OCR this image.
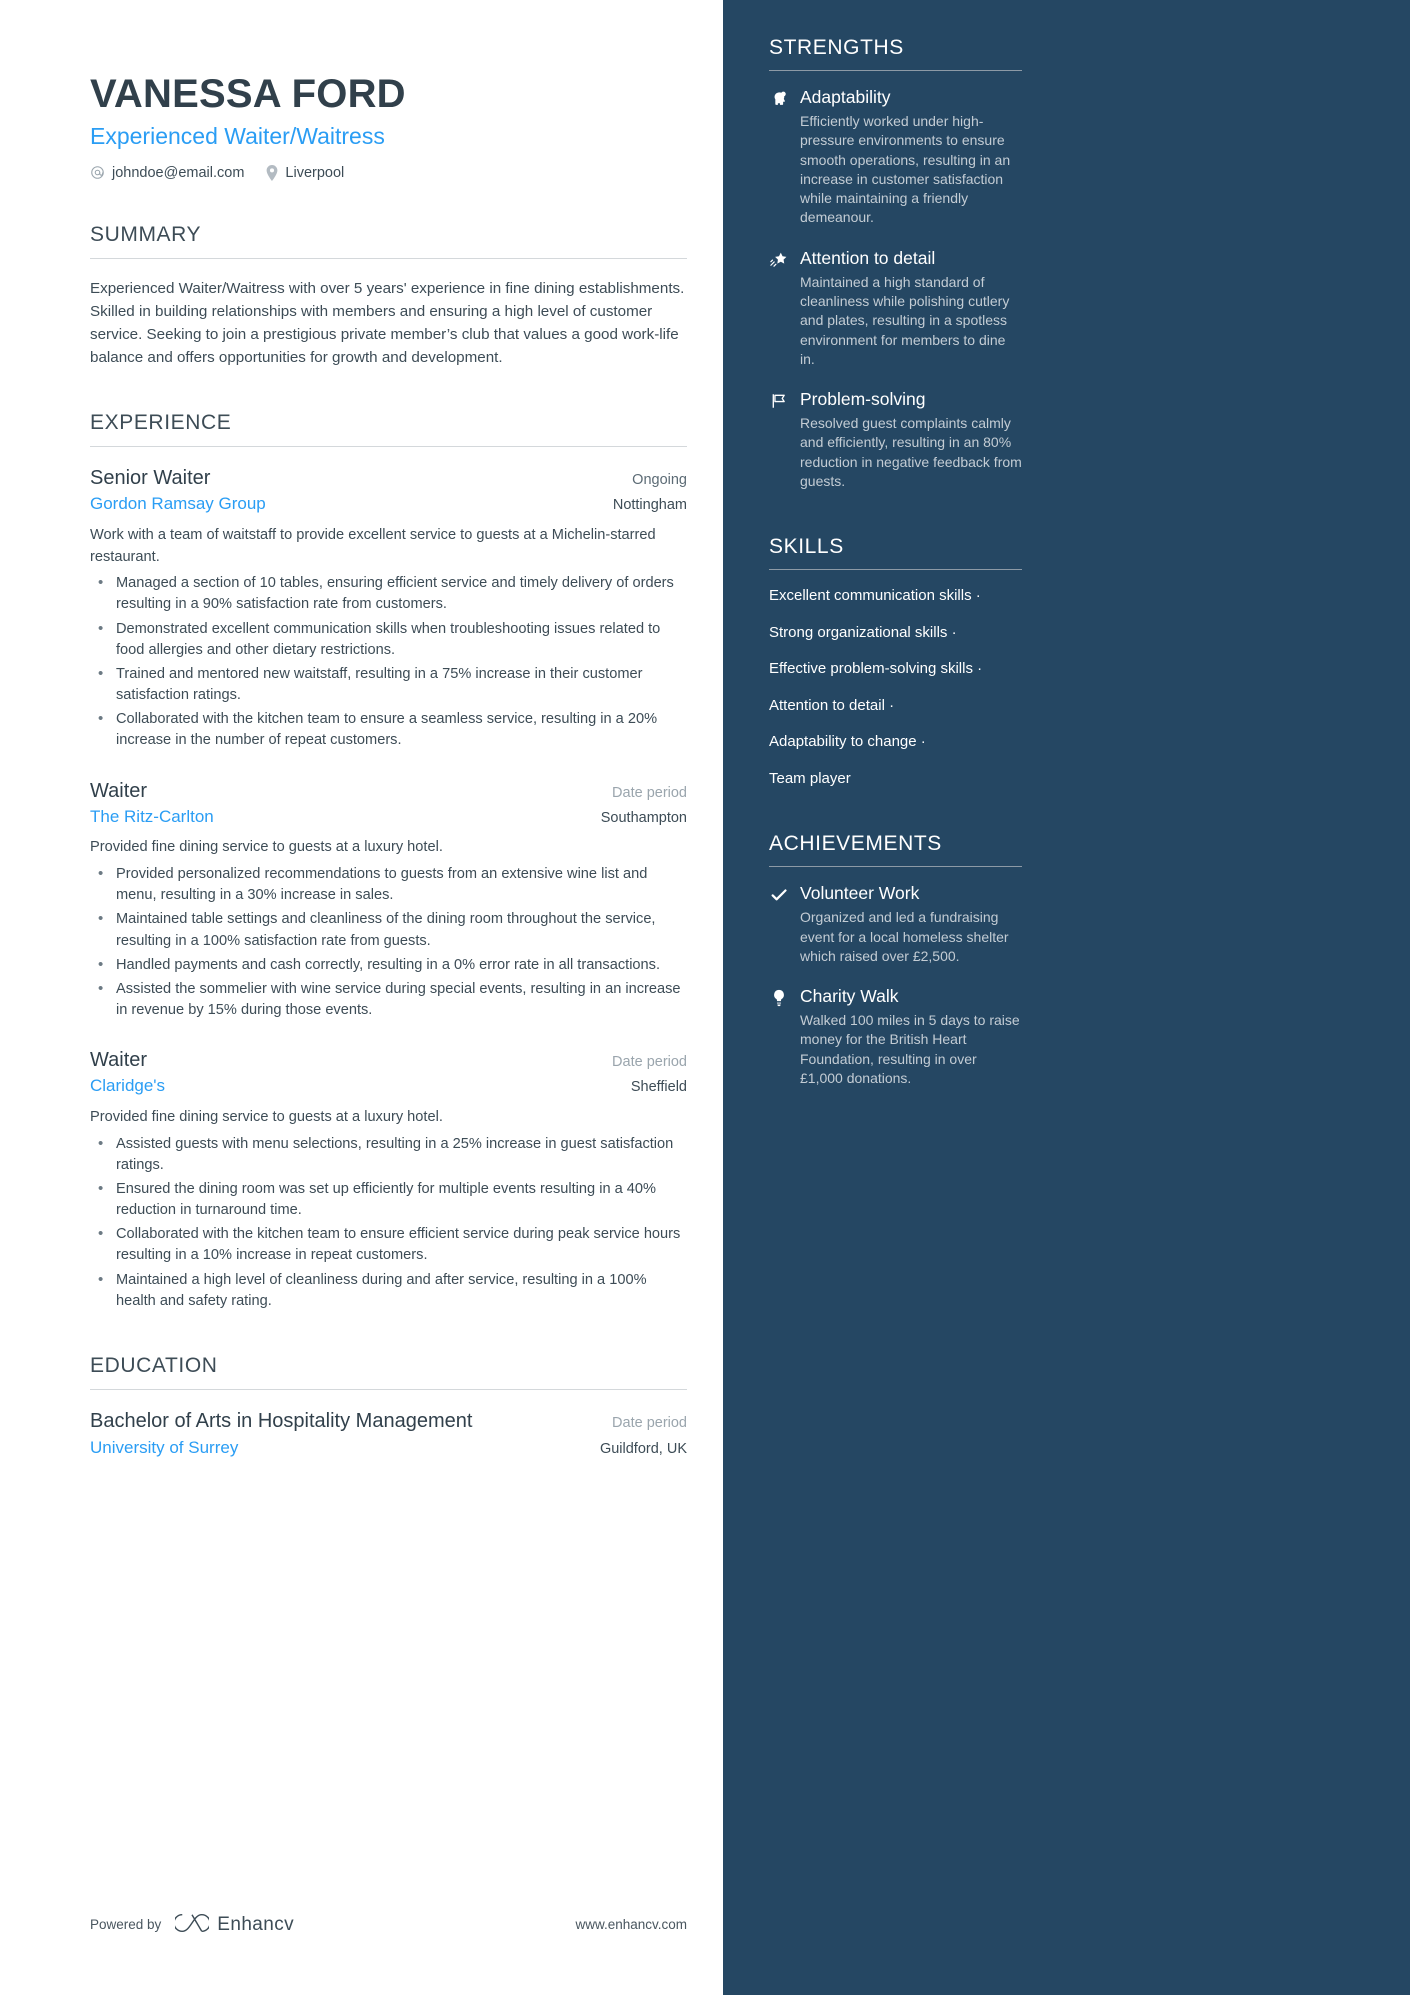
VANESSA FORD
Experienced Waiter/Waitress
johndoe@email.com	Liverpool
SUMMARY

Experienced Waiter/Waitress with over 5 years' experience in fine dining establishments. Skilled in building relationships with members and ensuring a high level of customer service. Seeking to join a prestigious private member’s club that values a good work-life balance and offers opportunities for growth and development.

EXPERIENCE
Senior Waiter	Ongoing
Gordon Ramsay Group	Nottingham
Work with a team of waitstaff to provide excellent service to guests at a Michelin-starred restaurant.
• Managed a section of 10 tables, ensuring efficient service and timely delivery of orders resulting in a 90% satisfaction rate from customers.
• Demonstrated excellent communication skills when troubleshooting issues related to food allergies and other dietary restrictions.
• Trained and mentored new waitstaff, resulting in a 75% increase in their customer satisfaction ratings.
• Collaborated with the kitchen team to ensure a seamless service, resulting in a 20% increase in the number of repeat customers.
Waiter	Date period
The Ritz-Carlton	Southampton
Provided fine dining service to guests at a luxury hotel.
• Provided personalized recommendations to guests from an extensive wine list and menu, resulting in a 30% increase in sales.
• Maintained table settings and cleanliness of the dining room throughout the service, resulting in a 100% satisfaction rate from guests.
• Handled payments and cash correctly, resulting in a 0% error rate in all transactions.
• Assisted the sommelier with wine service during special events, resulting in an increase in revenue by 15% during those events.
Waiter	Date period
Claridge's	Sheffield
Provided fine dining service to guests at a luxury hotel.
• Assisted guests with menu selections, resulting in a 25% increase in guest satisfaction ratings.
• Ensured the dining room was set up efficiently for multiple events resulting in a 40% reduction in turnaround time.
• Collaborated with the kitchen team to ensure efficient service during peak service hours resulting in a 10% increase in repeat customers.
• Maintained a high level of cleanliness during and after service, resulting in a 100% health and safety rating.
EDUCATION
Bachelor of Arts in Hospitality Management	Date period
University of Surrey	Guildford, UK
Powered by	Enhancv	www.enhancv.com
STRENGTHS
Adaptability
Efficiently worked under high-pressure environments to ensure smooth operations, resulting in an increase in customer satisfaction while maintaining a friendly demeanour.
Attention to detail
Maintained a high standard of cleanliness while polishing cutlery and plates, resulting in a spotless environment for members to dine in.
Problem-solving
Resolved guest complaints calmly and efficiently, resulting in an 80% reduction in negative feedback from guests.
SKILLS
Excellent communication skills ·
Strong organizational skills ·
Effective problem-solving skills ·
Attention to detail ·
Adaptability to change ·
Team player
ACHIEVEMENTS
Volunteer Work
Organized and led a fundraising event for a local homeless shelter which raised over £2,500.
Charity Walk
Walked 100 miles in 5 days to raise money for the British Heart Foundation, resulting in over £1,000 donations.
